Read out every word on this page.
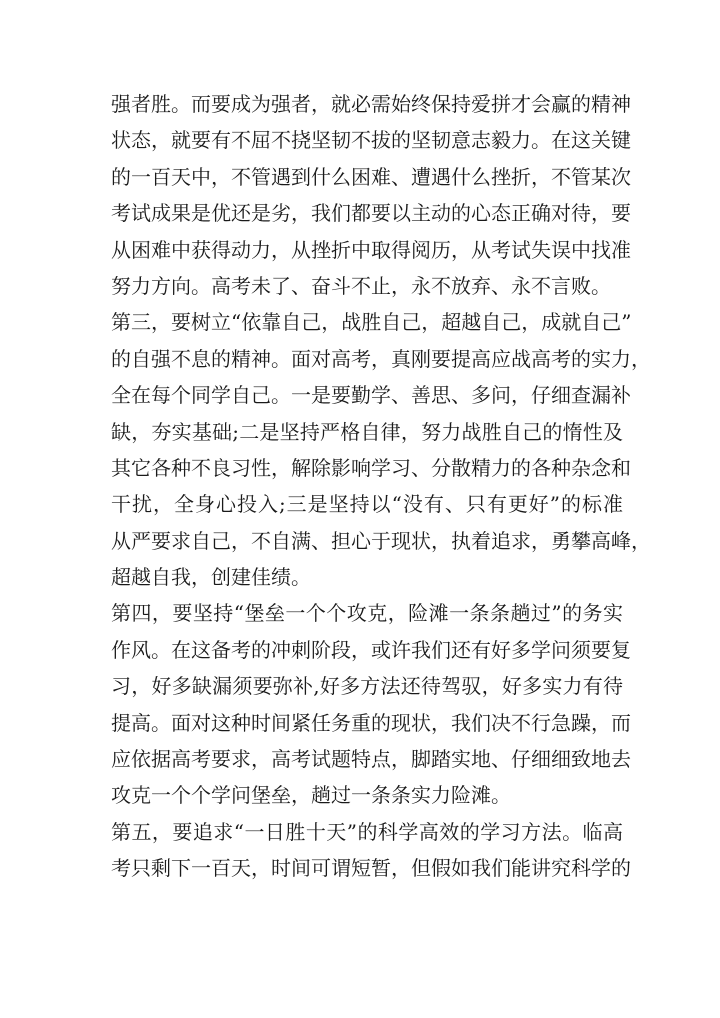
强者胜。而要成为强者，就必需始终保持爱拼才会赢的精神
状态，就要有不屈不挠坚韧不拔的坚韧意志毅力。在这关键
的一百天中，不管遇到什么困难、遭遇什么挫折，不管某次
考试成果是优还是劣，我们都要以主动的心态正确对待，要
从困难中获得动力，从挫折中取得阅历，从考试失误中找准
努力方向。高考未了、奋斗不止，永不放弃、永不言败。
第三，要树立“依靠自己，战胜自己，超越自己，成就自己”
的自强不息的精神。面对高考，真刚要提高应战高考的实力，
全在每个同学自己。一是要勤学、善思、多问，仔细查漏补
缺，夯实基础;二是坚持严格自律，努力战胜自己的惰性及
其它各种不良习性，解除影响学习、分散精力的各种杂念和
干扰，全身心投入;三是坚持以“没有、只有更好”的标准
从严要求自己，不自满、担心于现状，执着追求，勇攀高峰，
超越自我，创建佳绩。
第四，要坚持“堡垒一个个攻克，险滩一条条趟过”的务实
作风。在这备考的冲刺阶段，或许我们还有好多学问须要复
习，好多缺漏须要弥补,好多方法还待驾驭，好多实力有待
提高。面对这种时间紧任务重的现状，我们决不行急躁，而
应依据高考要求，高考试题特点，脚踏实地、仔细细致地去
攻克一个个学问堡垒，趟过一条条实力险滩。
第五，要追求“一日胜十天”的科学高效的学习方法。临高
考只剩下一百天，时间可谓短暂，但假如我们能讲究科学的
